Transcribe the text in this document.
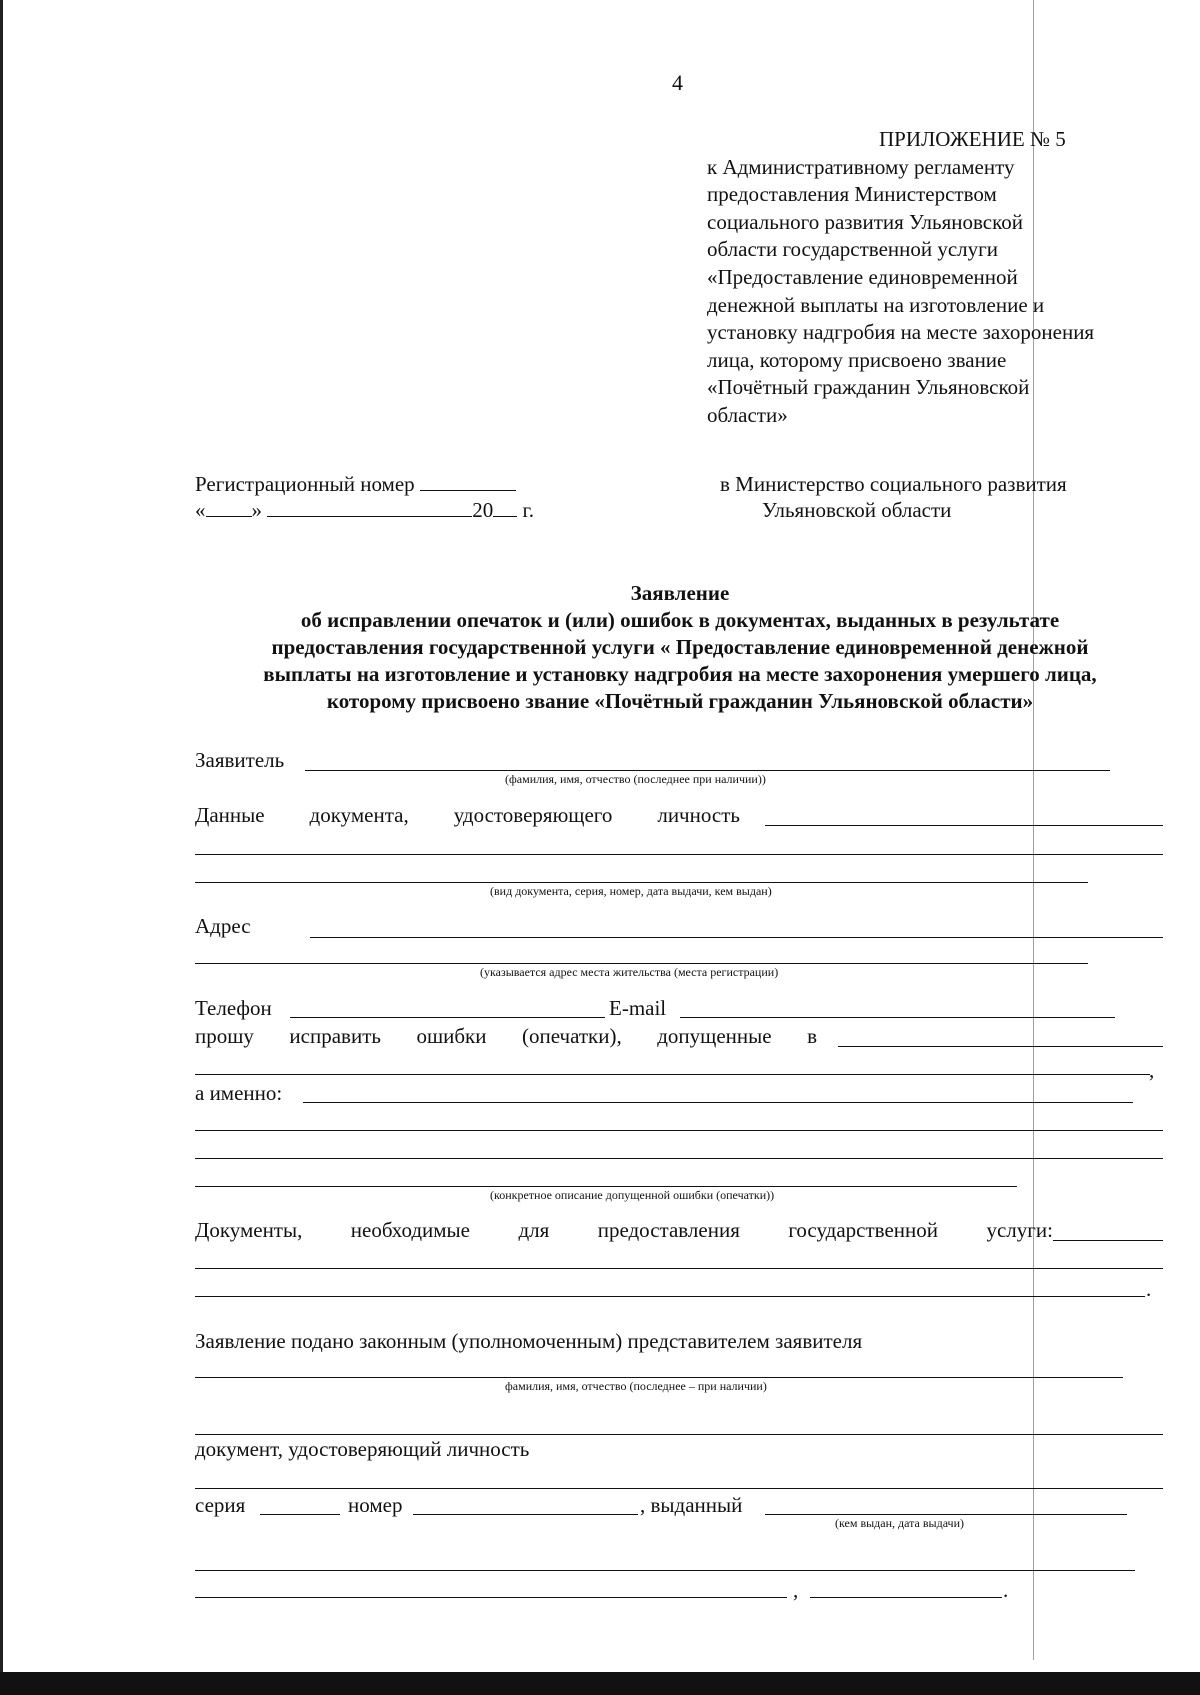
4
ПРИЛОЖЕНИЕ № 5
к Административному регламенту
предоставления Министерством
социального развития Ульяновской
области государственной услуги
«Предоставление единовременной
денежной выплаты на изготовление и
установку надгробия на месте захоронения
лица, которому присвоено звание
«Почётный гражданин Ульяновской
области»
Регистрационный номер
« »	20 г.
в Министерство социального развития
Ульяновской области
Заявление
об исправлении опечаток и (или) ошибок в документах, выданных в результате
предоставления государственной услуги « Предоставление единовременной денежной
выплаты на изготовление и установку надгробия на месте захоронения умершего лица,
которому присвоено звание «Почётный гражданин Ульяновской области»
Заявитель
(фамилия, имя, отчество (последнее при наличии))
Данные документа, удостоверяющего личность
(вид документа, серия, номер, дата выдачи, кем выдан)
Адрес
(указывается адрес места жительства (места регистрации)
Телефон	E-mail
прошу исправить ошибки (опечатки), допущенные в
,
а именно:
(конкретное описание допущенной ошибки (опечатки))
Документы, необходимые для предоставления государственной услуги:
.
Заявление подано законным (уполномоченным) представителем заявителя
фамилия, имя, отчество (последнее – при наличии)
документ, удостоверяющий личность
серия	номер	, выданный
(кем выдан, дата выдачи)
,	.
